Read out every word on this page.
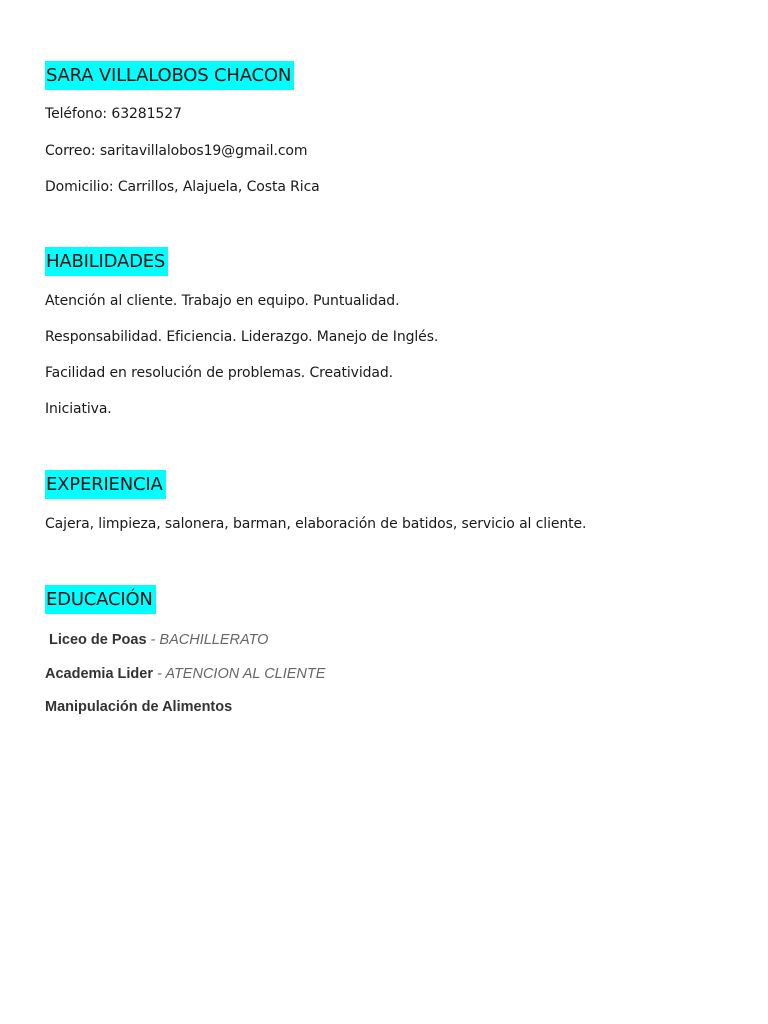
SARA VILLALOBOS CHACON
Teléfono: 63281527
Correo: saritavillalobos19@gmail.com
Domicilio: Carrillos, Alajuela, Costa Rica
HABILIDADES
Atención al cliente. Trabajo en equipo. Puntualidad.
Responsabilidad. Eficiencia. Liderazgo. Manejo de Inglés.
Facilidad en resolución de problemas. Creatividad.
Iniciativa.
EXPERIENCIA
Cajera, limpieza, salonera, barman, elaboración de batidos, servicio al cliente.
EDUCACIÓN
Liceo de Poas - BACHILLERATO
Academia Lider - ATENCION AL CLIENTE
Manipulación de Alimentos
